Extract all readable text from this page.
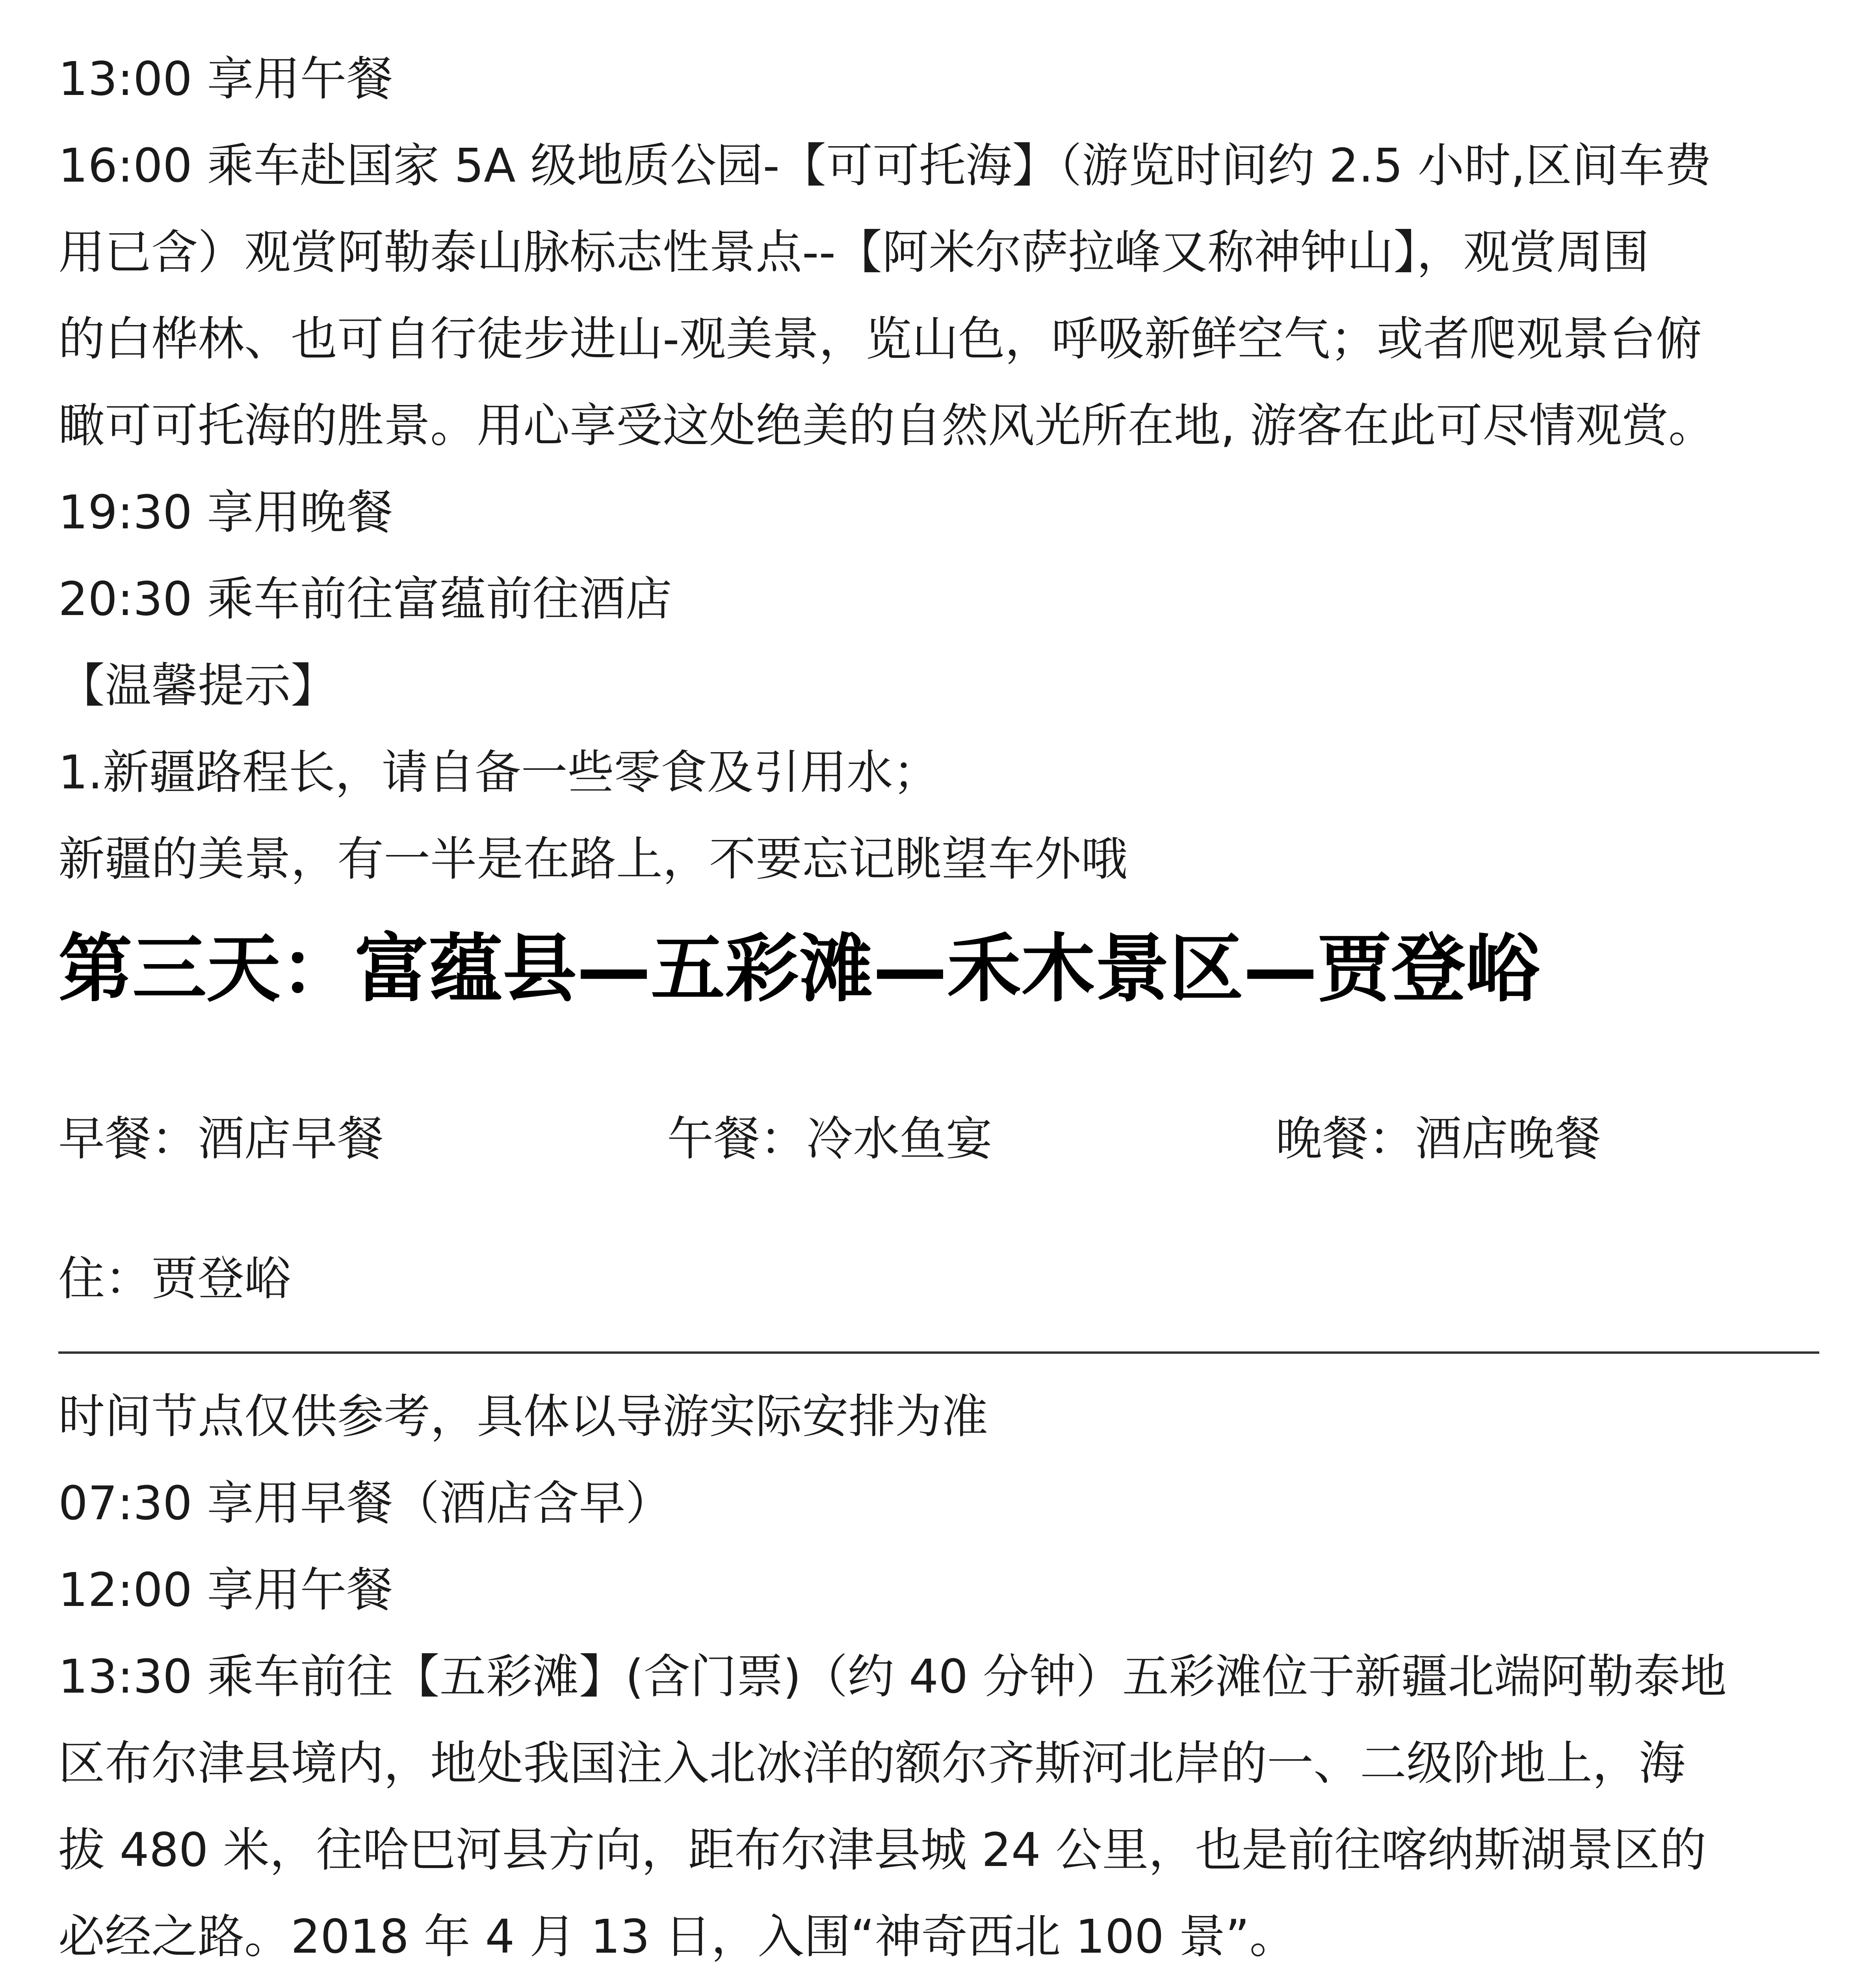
13:00 享用午餐
16:00 乘车赴国家 5A 级地质公园-【可可托海】（游览时间约 2.5 小时,区间车费
用已含）观赏阿勒泰山脉标志性景点--【阿米尔萨拉峰又称神钟山】，观赏周围
的白桦林、也可自行徒步进山-观美景，览山色，呼吸新鲜空气；或者爬观景台俯
瞰可可托海的胜景。用心享受这处绝美的自然风光所在地, 游客在此可尽情观赏。
19:30 享用晚餐
20:30 乘车前往富蕴前往酒店
【温馨提示】
1.新疆路程长，请自备一些零食及引用水；
新疆的美景，有一半是在路上，不要忘记眺望车外哦
第三天：富蕴县—五彩滩—禾木景区—贾登峪
早餐：酒店早餐	午餐：冷水鱼宴	晚餐：酒店晚餐
住：贾登峪
时间节点仅供参考，具体以导游实际安排为准
07:30 享用早餐（酒店含早）
12:00 享用午餐
13:30 乘车前往【五彩滩】(含门票)（约 40 分钟）五彩滩位于新疆北端阿勒泰地
区布尔津县境内，地处我国注入北冰洋的额尔齐斯河北岸的一、二级阶地上，海
拔 480 米，往哈巴河县方向，距布尔津县城 24 公里，也是前往喀纳斯湖景区的
必经之路。2018 年 4 月 13 日，入围“神奇西北 100 景”。
